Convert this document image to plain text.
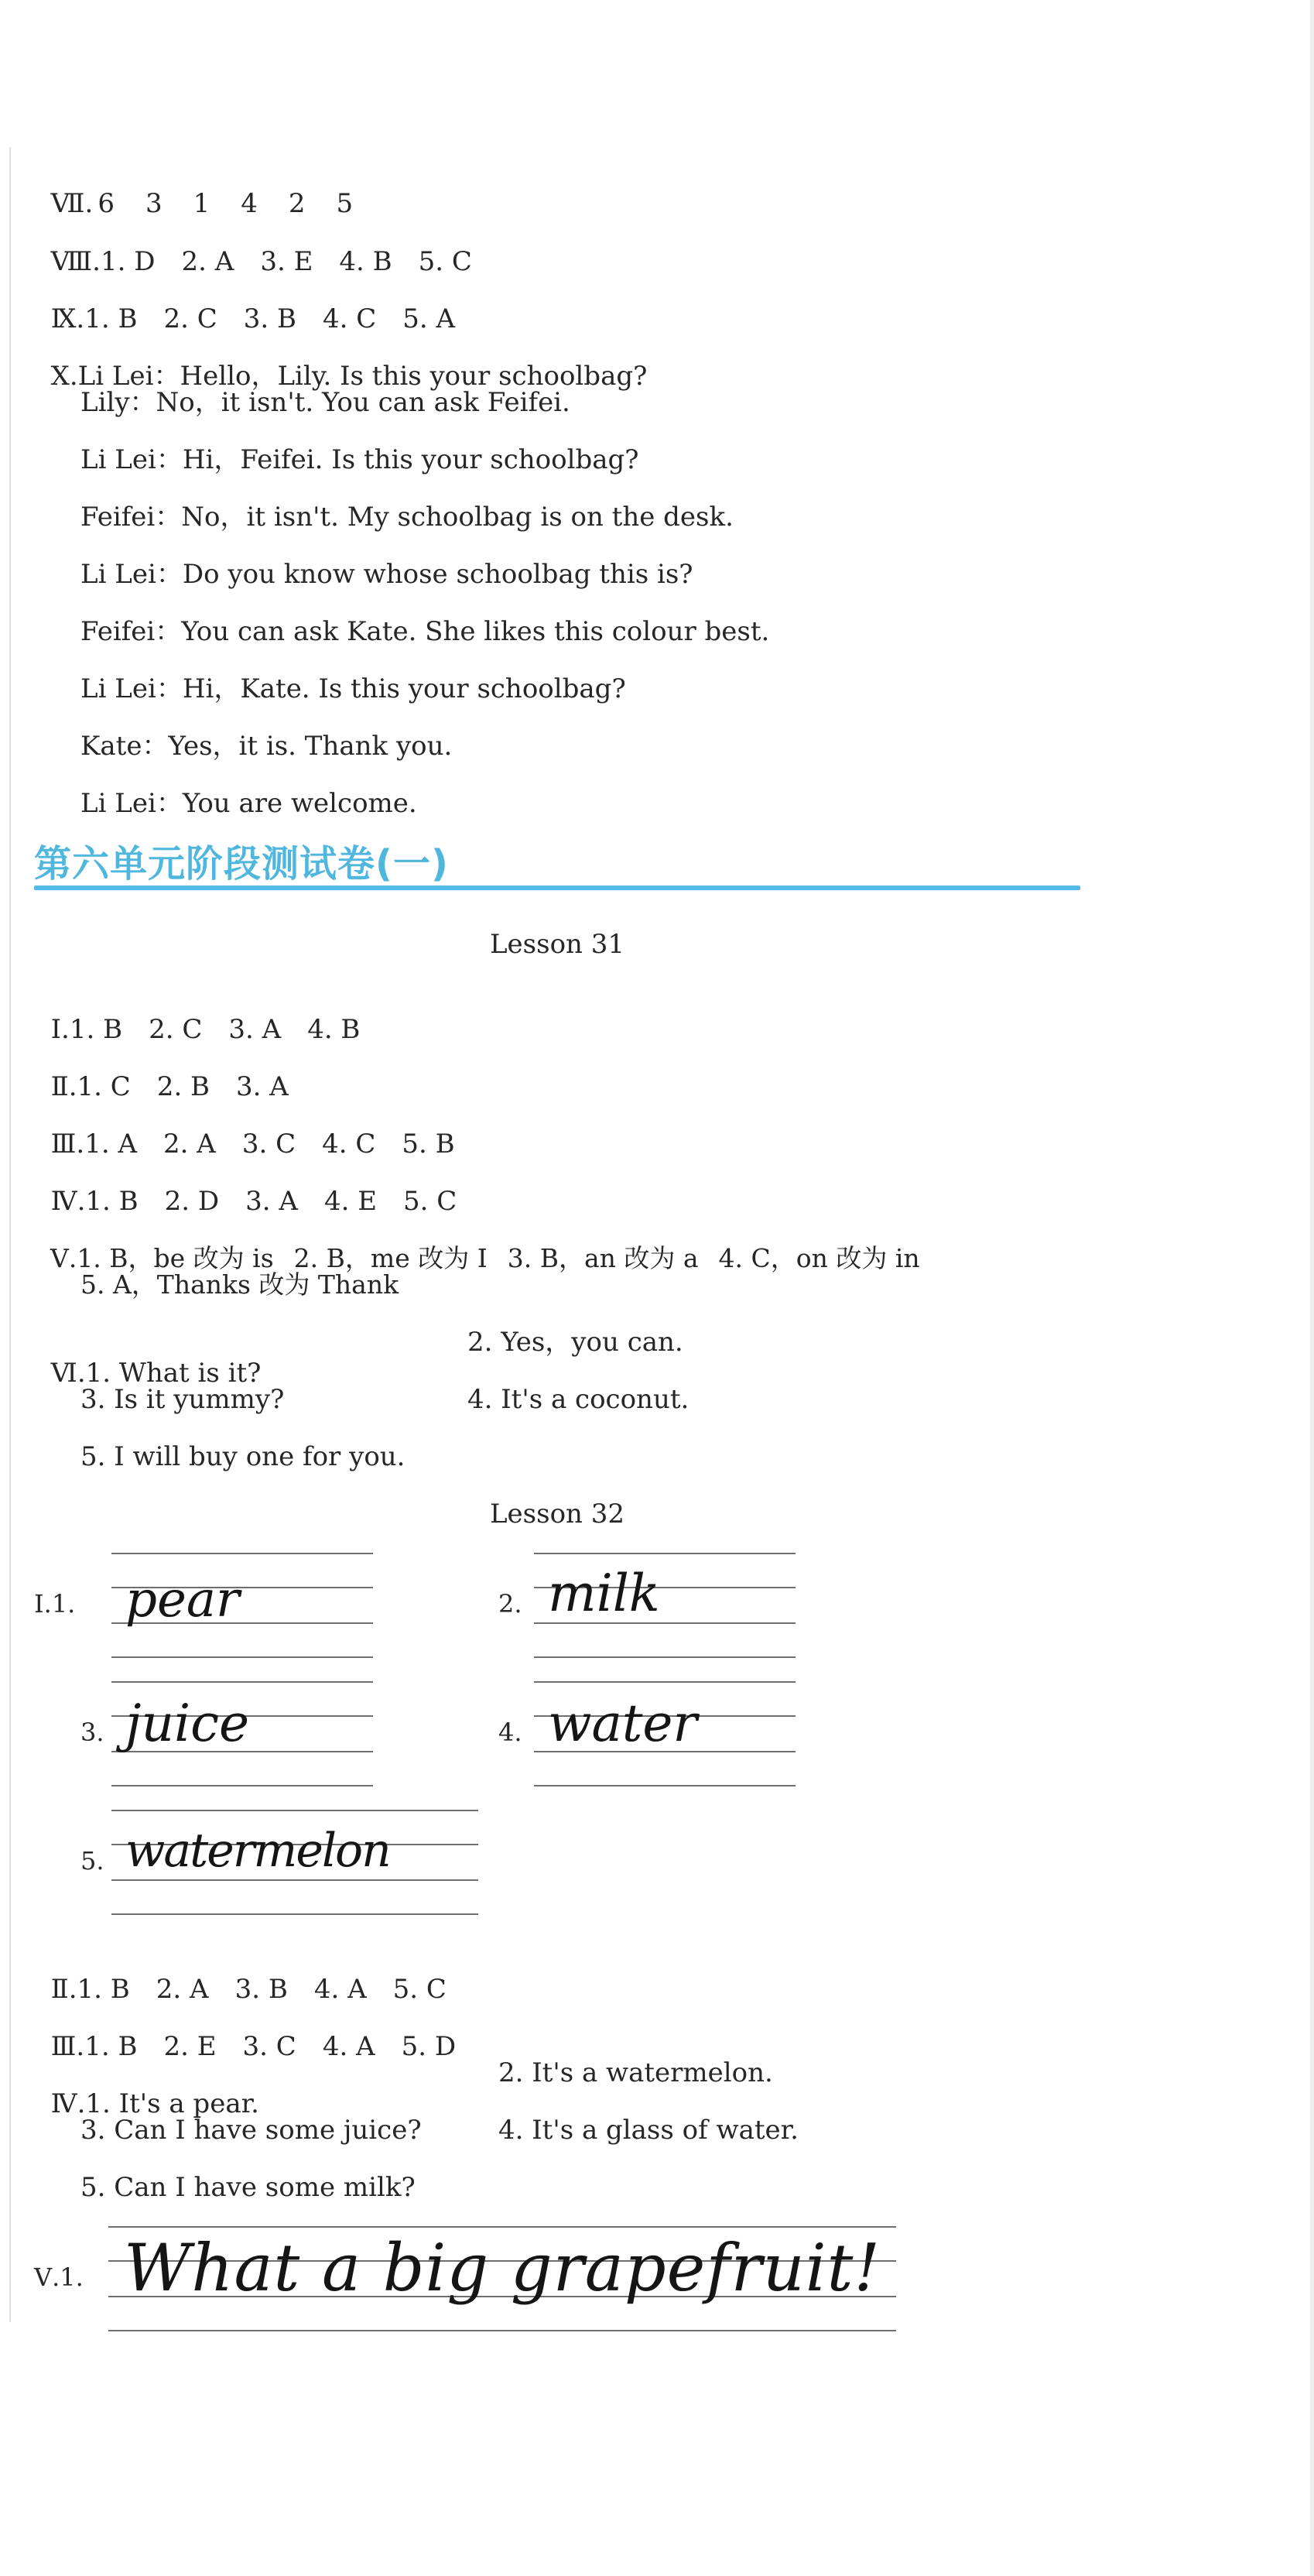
Ⅶ. 6 3 1 4 2 5

Ⅷ.1. D 2. A 3. E 4. B 5. C

Ⅸ.1. B 2. C 3. B 4. C 5. A

Ⅹ.Li Lei：Hello，Lily. Is this your schoolbag?

Lily：No，it isn't. You can ask Feifei.
Li Lei：Hi，Feifei. Is this your schoolbag?
Feifei：No，it isn't. My schoolbag is on the desk.
Li Lei：Do you know whose schoolbag this is?
Feifei：You can ask Kate. She likes this colour best.
Li Lei：Hi，Kate. Is this your schoolbag?
Kate：Yes，it is. Thank you.
Li Lei：You are welcome.
第六单元阶段测试卷(一)
Lesson 31

Ⅰ.1. B 2. C 3. A 4. B

Ⅱ.1. C 2. B 3. A

Ⅲ.1. A 2. A 3. C 4. C 5. B

Ⅳ.1. B 2. D 3. A 4. E 5. C

Ⅴ.1. B，be 改为 is 2. B，me 改为 I 3. B，an 改为 a 4. C，on 改为 in

5. A，Thanks 改为 Thank

Ⅵ.1. What is it?

2. Yes，you can.
3. Is it yummy?	4. It's a coconut.
5. I will buy one for you.
Lesson 32
Ⅰ.1. pear	2. milk
3. juice	4. water
5. watermelon

Ⅱ.1. B 2. A 3. B 4. A 5. C

Ⅲ.1. B 2. E 3. C 4. A 5. D

Ⅳ.1. It's a pear.

2. It's a watermelon.
3. Can I have some juice?	4. It's a glass of water.
5. Can I have some milk?
Ⅴ.1. What a big grapefruit!
